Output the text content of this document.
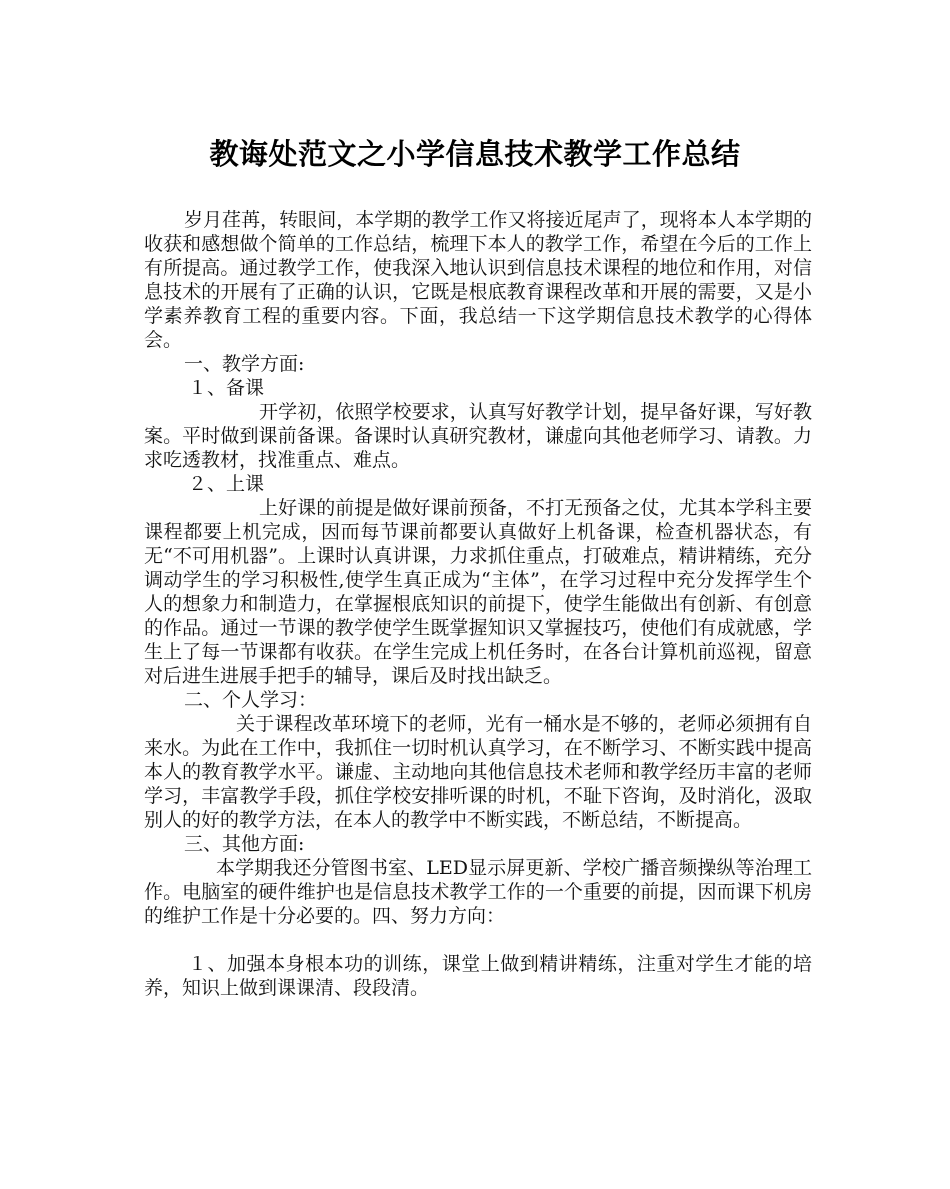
教诲处范文之小学信息技术教学工作总结

岁月荏苒，转眼间，本学期的教学工作又将接近尾声了，现将本人本学期的收获和感想做个简单的工作总结，梳理下本人的教学工作，希望在今后的工作上有所提高。通过教学工作，使我深入地认识到信息技术课程的地位和作用，对信息技术的开展有了正确的认识，它既是根底教育课程改革和开展的需要，又是小学素养教育工程的重要内容。下面，我总结一下这学期信息技术教学的心得体会。

一、教学方面:

１、备课

开学初，依照学校要求，认真写好教学计划，提早备好课，写好教案。平时做到课前备课。备课时认真研究教材，谦虚向其他老师学习、请教。力求吃透教材，找准重点、难点。

２、上课

上好课的前提是做好课前预备，不打无预备之仗，尤其本学科主要课程都要上机完成，因而每节课前都要认真做好上机备课，检查机器状态，有无“不可用机器”。上课时认真讲课，力求抓住重点，打破难点，精讲精练，充分调动学生的学习积极性,使学生真正成为“主体”，在学习过程中充分发挥学生个人的想象力和制造力，在掌握根底知识的前提下，使学生能做出有创新、有创意的作品。通过一节课的教学使学生既掌握知识又掌握技巧，使他们有成就感，学生上了每一节课都有收获。在学生完成上机任务时，在各台计算机前巡视，留意对后进生进展手把手的辅导，课后及时找出缺乏。

二、个人学习：

关于课程改革环境下的老师，光有一桶水是不够的，老师必须拥有自来水。为此在工作中，我抓住一切时机认真学习，在不断学习、不断实践中提高本人的教育教学水平。谦虚、主动地向其他信息技术老师和教学经历丰富的老师学习，丰富教学手段，抓住学校安排听课的时机，不耻下咨询，及时消化，汲取别人的好的教学方法，在本人的教学中不断实践，不断总结，不断提高。

三、其他方面:

本学期我还分管图书室、LED显示屏更新、学校广播音频操纵等治理工作。电脑室的硬件维护也是信息技术教学工作的一个重要的前提，因而课下机房的维护工作是十分必要的。四、努力方向：

１、加强本身根本功的训练，课堂上做到精讲精练，注重对学生才能的培养，知识上做到课课清、段段清。
